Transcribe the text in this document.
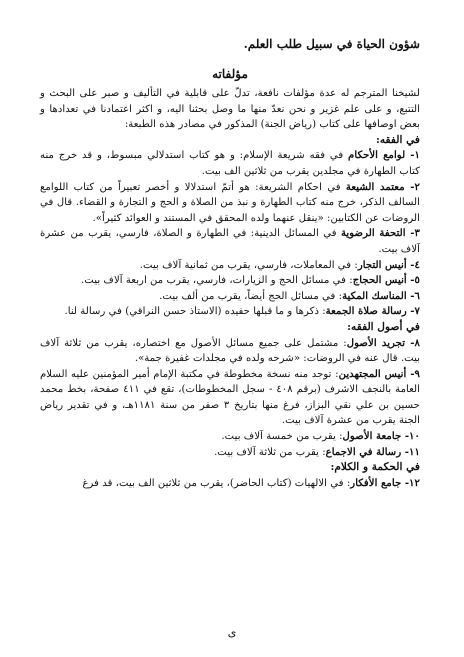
شؤون الحياة في سبيل طلب العلم.
مؤلفاته

لشيخنا المترجم له عدة مؤلفات نافعة، تدلّ على قابلية في التأليف و صبر على البحث و التتبع، و على علم غزير و نحن نعدّ منها ما وصل بحثنا اليه، و اكثر اعتمادنا في تعدادها و بعض اوصافها على كتاب (رياض الجنة) المذكور في مصادر هذه الطبعة:

في الفقه:

١- لوامع الأحكام في فقه شريعة الإسلام: و هو كتاب استدلالي مبسوط، و قد خرج منه كتاب الطهارة في مجلدين يقرب من ثلاثين الف بيت.

٢- معتمد الشيعة في احكام الشريعة: هو أتمّ استدلالا و أخصر تعبيراً من كتاب اللوامع السالف الذكر، خرج منه كتاب الطهارة و نبذ من الصلاة و الحج و التجارة و القضاء. قال في الروضات عن الكتابين: «ينقل عنهما ولده المحقق في المستند و العوائد كثيراً».

٣- التحفة الرضوية في المسائل الدينية: في الطهارة و الصلاة، فارسي، يقرب من عشرة آلاف بيت.

٤- أنيس التجار: في المعاملات، فارسي، يقرب من ثمانية آلاف بيت.

٥- أنيس الحجاج: في مسائل الحج و الزيارات، فارسي، يقرب من اربعة آلاف بيت.

٦- المناسك المكية: في مسائل الحج أيضاً، يقرب من ألف بيت.

٧- رسالة صلاة الجمعة: ذكرها و ما قبلها حفيده (الاستاذ حسن النراقي) في رسالة لنا.

في أصول الفقه:

٨- تجريد الأصول: مشتمل على جميع مسائل الأصول مع اختصاره، يقرب من ثلاثة آلاف بيت. قال عنه في الروضات: «شرحه ولده في مجلدات غفيرة جمة».

٩- أنيس المجتهدين: توجد منه نسخة مخطوطة في مكتبة الإمام أمير المؤمنين عليه السلام العامة بالنجف الاشرف (برقم ٤٠٨ - سجل المخطوطات)، تقع في ٤١١ صفحة، بخط محمد حسين بن علي نقي البزاز، فرغ منها بتاريخ ٣ صفر من سنة ١١٨١هـ، و في تقدير رياض الجنة يقرب من عشرة آلاف بيت.

١٠- جامعة الأصول: يقرب من خمسة آلاف بيت.

١١- رسالة في الاجماع: يقرب من ثلاثة آلاف بيت.

في الحكمة و الكلام:

١٢- جامع الأفكار: في الالهيات (كتاب الحاضر)، يقرب من ثلاثين الف بيت، قد فرغ

ى
